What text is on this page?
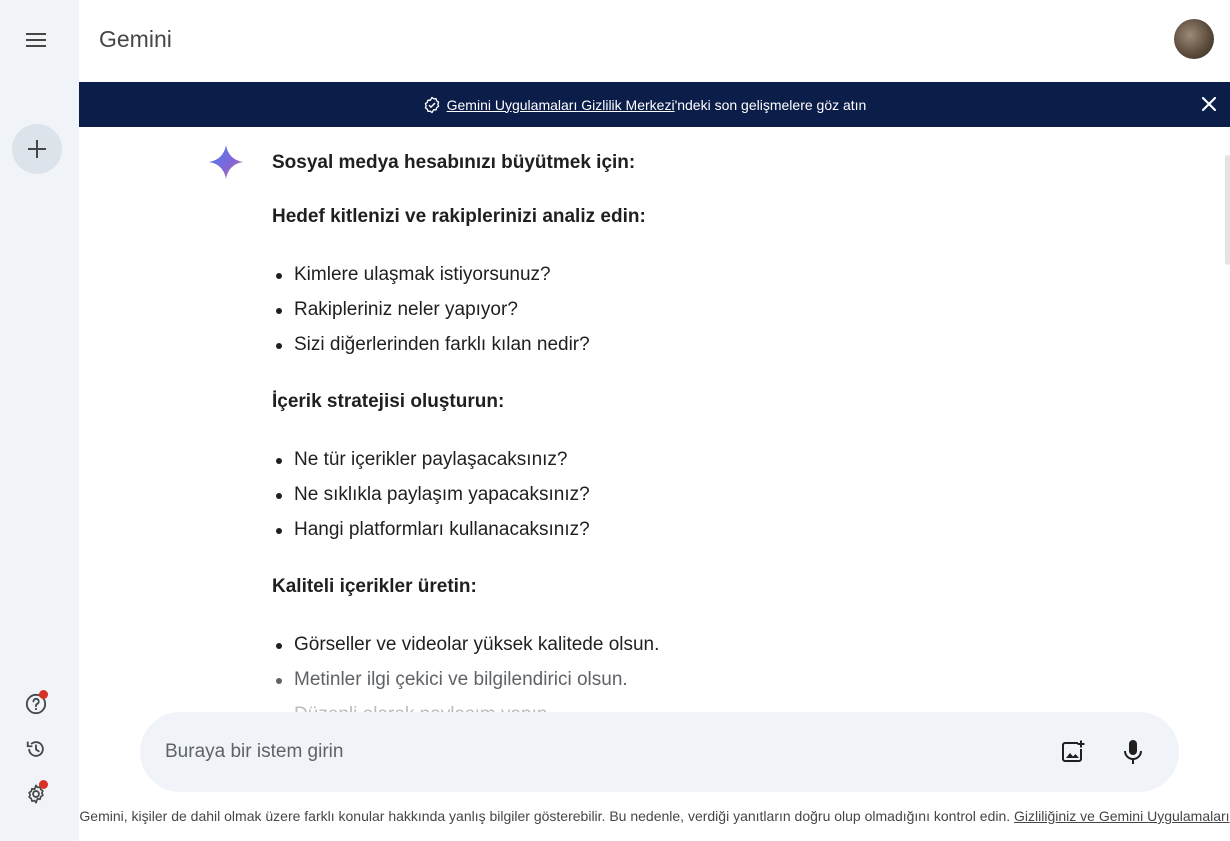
Gemini
Gemini Uygulamaları Gizlilik Merkezi'ndeki son gelişmelere göz atın
Sosyal medya hesabınızı büyütmek için:
Hedef kitlenizi ve rakiplerinizi analiz edin:
Kimlere ulaşmak istiyorsunuz?
Rakipleriniz neler yapıyor?
Sizi diğerlerinden farklı kılan nedir?
İçerik stratejisi oluşturun:
Ne tür içerikler paylaşacaksınız?
Ne sıklıkla paylaşım yapacaksınız?
Hangi platformları kullanacaksınız?
Kaliteli içerikler üretin:
Görseller ve videolar yüksek kalitede olsun.
Metinler ilgi çekici ve bilgilendirici olsun.
Buraya bir istem girin
Gemini, kişiler de dahil olmak üzere farklı konular hakkında yanlış bilgiler gösterebilir. Bu nedenle, verdiği yanıtların doğru olup olmadığını kontrol edin. Gizliliğiniz ve Gemini Uygulamaları
